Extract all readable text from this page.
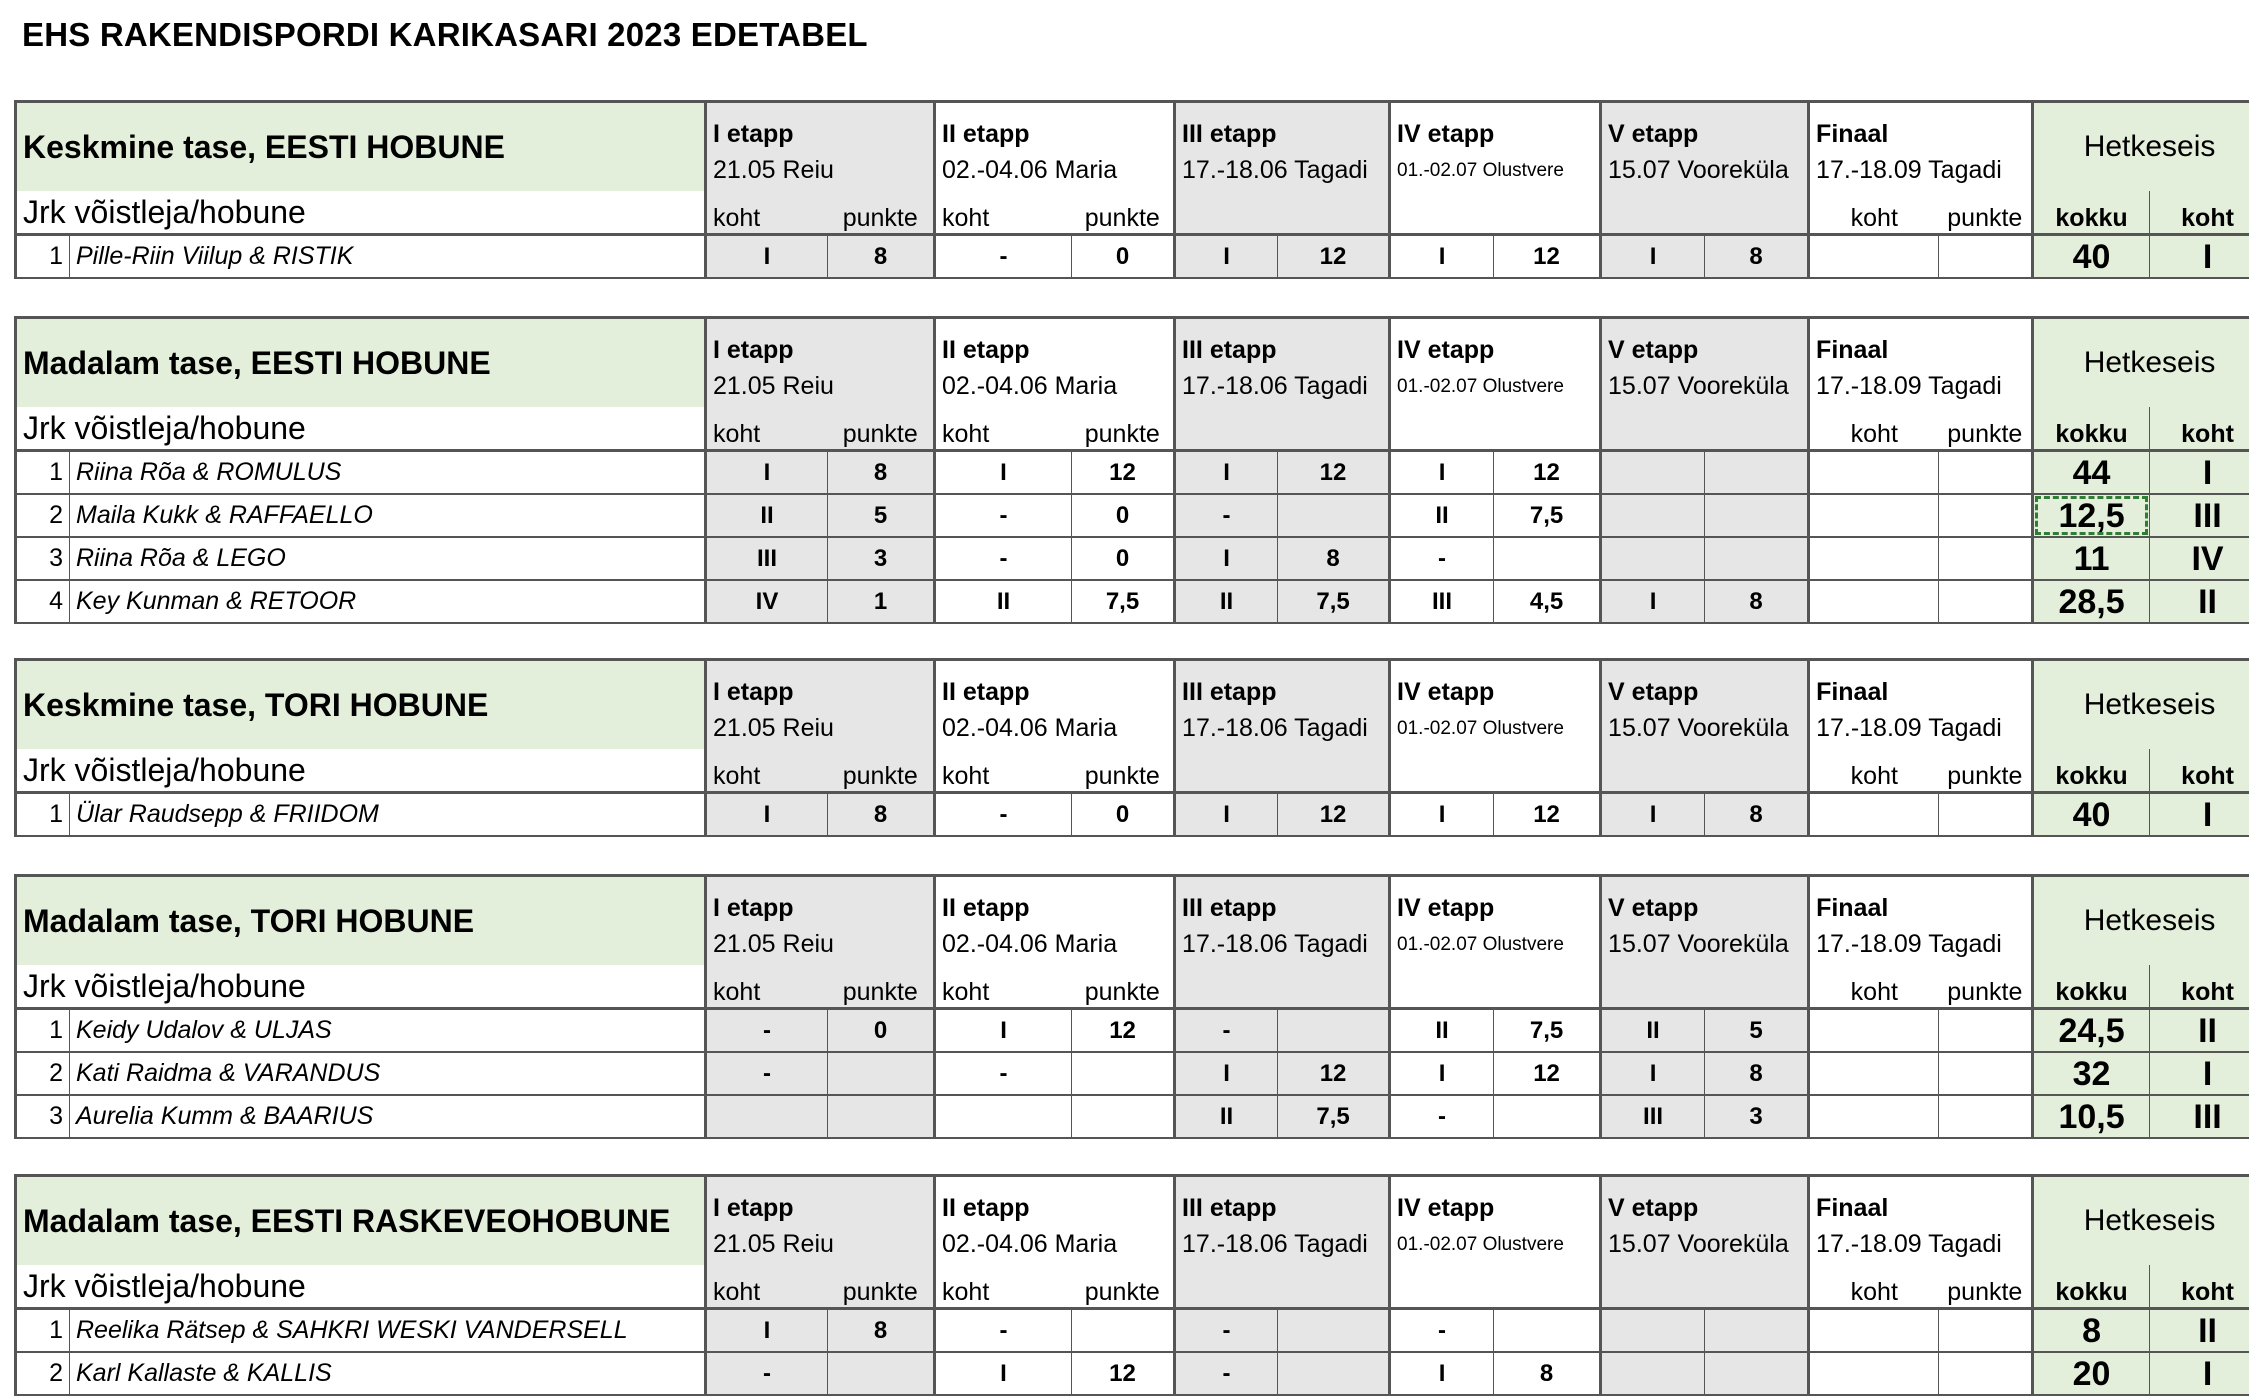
EHS RAKENDISPORDI KARIKASARI 2023 EDETABEL
Keskmine tase, EESTI HOBUNE		I etapp		II etapp		III etapp		IV etapp		V etapp		Finaal		Hetkeseis	
		21.05 Reiu		02.-04.06 Maria		17.-18.06 Tagadi		01.-02.07 Olustvere		15.07 Vooreküla		17.-18.09 Tagadi			
Jrk võistleja/hobune		koht	punkte	koht	punkte							koht	punkte	kokku	koht
1	Pille-Riin Viilup & RISTIK	I	8	-	0	I	12	I	12	I	8			40	I
Madalam tase, EESTI HOBUNE		I etapp		II etapp		III etapp		IV etapp		V etapp		Finaal		Hetkeseis	
		21.05 Reiu		02.-04.06 Maria		17.-18.06 Tagadi		01.-02.07 Olustvere		15.07 Vooreküla		17.-18.09 Tagadi			
Jrk võistleja/hobune		koht	punkte	koht	punkte							koht	punkte	kokku	koht
1	Riina Rõa & ROMULUS	I	8	I	12	I	12	I	12					44	I
2	Maila Kukk & RAFFAELLO	II	5	-	0	-		II	7,5					12,5	III
3	Riina Rõa & LEGO	III	3	-	0	I	8	-						11	IV
4	Key Kunman & RETOOR	IV	1	II	7,5	II	7,5	III	4,5	I	8			28,5	II
Keskmine tase, TORI HOBUNE		I etapp		II etapp		III etapp		IV etapp		V etapp		Finaal		Hetkeseis	
		21.05 Reiu		02.-04.06 Maria		17.-18.06 Tagadi		01.-02.07 Olustvere		15.07 Vooreküla		17.-18.09 Tagadi			
Jrk võistleja/hobune		koht	punkte	koht	punkte							koht	punkte	kokku	koht
1	Ülar Raudsepp & FRIIDOM	I	8	-	0	I	12	I	12	I	8			40	I
Madalam tase, TORI HOBUNE		I etapp		II etapp		III etapp		IV etapp		V etapp		Finaal		Hetkeseis	
		21.05 Reiu		02.-04.06 Maria		17.-18.06 Tagadi		01.-02.07 Olustvere		15.07 Vooreküla		17.-18.09 Tagadi			
Jrk võistleja/hobune		koht	punkte	koht	punkte							koht	punkte	kokku	koht
1	Keidy Udalov & ULJAS	-	0	I	12	-		II	7,5	II	5			24,5	II
2	Kati Raidma & VARANDUS	-		-		I	12	I	12	I	8			32	I
3	Aurelia Kumm & BAARIUS					II	7,5	-		III	3			10,5	III
Madalam tase, EESTI RASKEVEOHOBUNE		I etapp		II etapp		III etapp		IV etapp		V etapp		Finaal		Hetkeseis	
		21.05 Reiu		02.-04.06 Maria		17.-18.06 Tagadi		01.-02.07 Olustvere		15.07 Vooreküla		17.-18.09 Tagadi			
Jrk võistleja/hobune		koht	punkte	koht	punkte							koht	punkte	kokku	koht
1	Reelika Rätsep & SAHKRI WESKI VANDERSELL	I	8	-		-		-						8	II
2	Karl Kallaste & KALLIS	-		I	12	-		I	8					20	I
